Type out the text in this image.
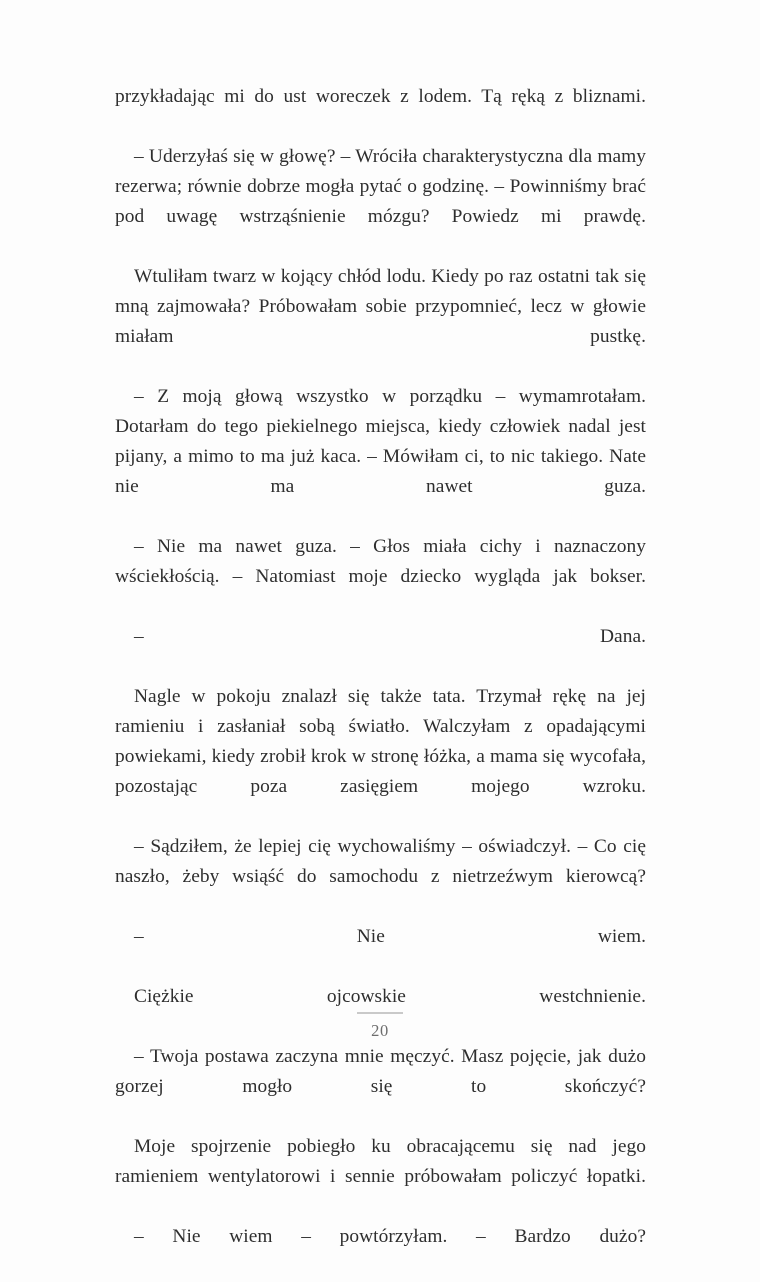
przykładając mi do ust woreczek z lodem. Tą ręką z bliznami.

– Uderzyłaś się w głowę? – Wróciła charakterystyczna dla mamy rezerwa; równie dobrze mogła pytać o godzinę. – Powinniśmy brać pod uwagę wstrząśnienie mózgu? Powiedz mi prawdę.

Wtuliłam twarz w kojący chłód lodu. Kiedy po raz ostatni tak się mną zajmowała? Próbowałam sobie przypomnieć, lecz w głowie miałam pustkę.

– Z moją głową wszystko w porządku – wymamrotałam. Dotarłam do tego piekielnego miejsca, kiedy człowiek nadal jest pijany, a mimo to ma już kaca. – Mówiłam ci, to nic takiego. Nate nie ma nawet guza.

– Nie ma nawet guza. – Głos miała cichy i naznaczony wściekłością. – Natomiast moje dziecko wygląda jak bokser.

– Dana.

Nagle w pokoju znalazł się także tata. Trzymał rękę na jej ramieniu i zasłaniał sobą światło. Walczyłam z opadającymi powiekami, kiedy zrobił krok w stronę łóżka, a mama się wycofała, pozostając poza zasięgiem mojego wzroku.

– Sądziłem, że lepiej cię wychowaliśmy – oświadczył. – Co cię naszło, żeby wsiąść do samochodu z nietrzeźwym kierowcą?

– Nie wiem.

Ciężkie ojcowskie westchnienie.

– Twoja postawa zaczyna mnie męczyć. Masz pojęcie, jak dużo gorzej mogło się to skończyć?

Moje spojrzenie pobiegło ku obracającemu się nad jego ramieniem wentylatorowi i sennie próbowałam policzyć łopatki.

– Nie wiem – powtórzyłam. – Bardzo dużo?

20
